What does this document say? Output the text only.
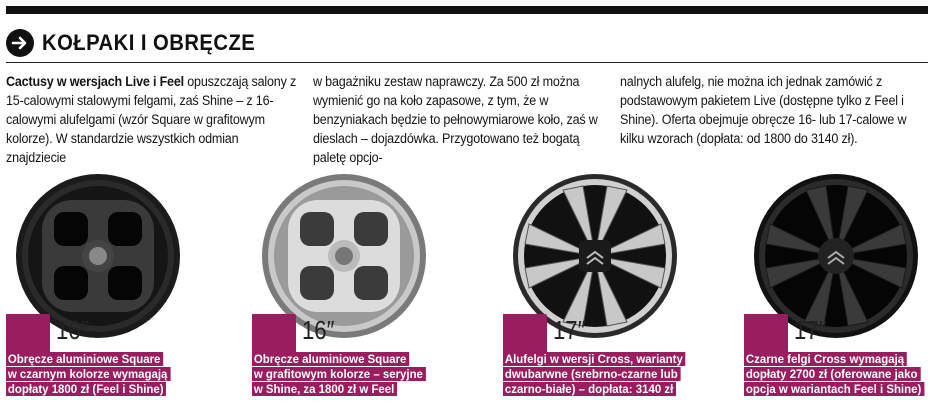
KOŁPAKI I OBRĘCZE
Cactusy w wersjach Live i Feel opuszczają salony z 15-calowymi stalowymi felgami, zaś Shine – z 16-calowymi alufelgami (wzór Square w grafitowym kolorze). W standardzie wszystkich odmian znajdziecie
w bagażniku zestaw naprawczy. Za 500 zł można wymienić go na koło zapasowe, z tym, że w benzyniakach będzie to pełnowymiarowe koło, zaś w dieslach – dojazdówka. Przygotowano też bogatą paletę opcjo-
nalnych alufelg, nie można ich jednak zamówić z podstawowym pakietem Live (dostępne tylko z Feel i Shine). Oferta obejmuje obręcze 16- lub 17-calowe w kilku wzorach (dopłata: od 1800 do 3140 zł).
16″
Obręcze aluminiowe Square
w czarnym kolorze wymagają
dopłaty 1800 zł (Feel i Shine)
16″
Obręcze aluminiowe Square
w grafitowym kolorze – seryjne
w Shine, za 1800 zł w Feel
17″
Alufelgi w wersji Cross, warianty
dwubarwne (srebrno-czarne lub
czarno-białe) – dopłata: 3140 zł
17″
Czarne felgi Cross wymagają
dopłaty 2700 zł (oferowane jako
opcja w wariantach Feel i Shine)
